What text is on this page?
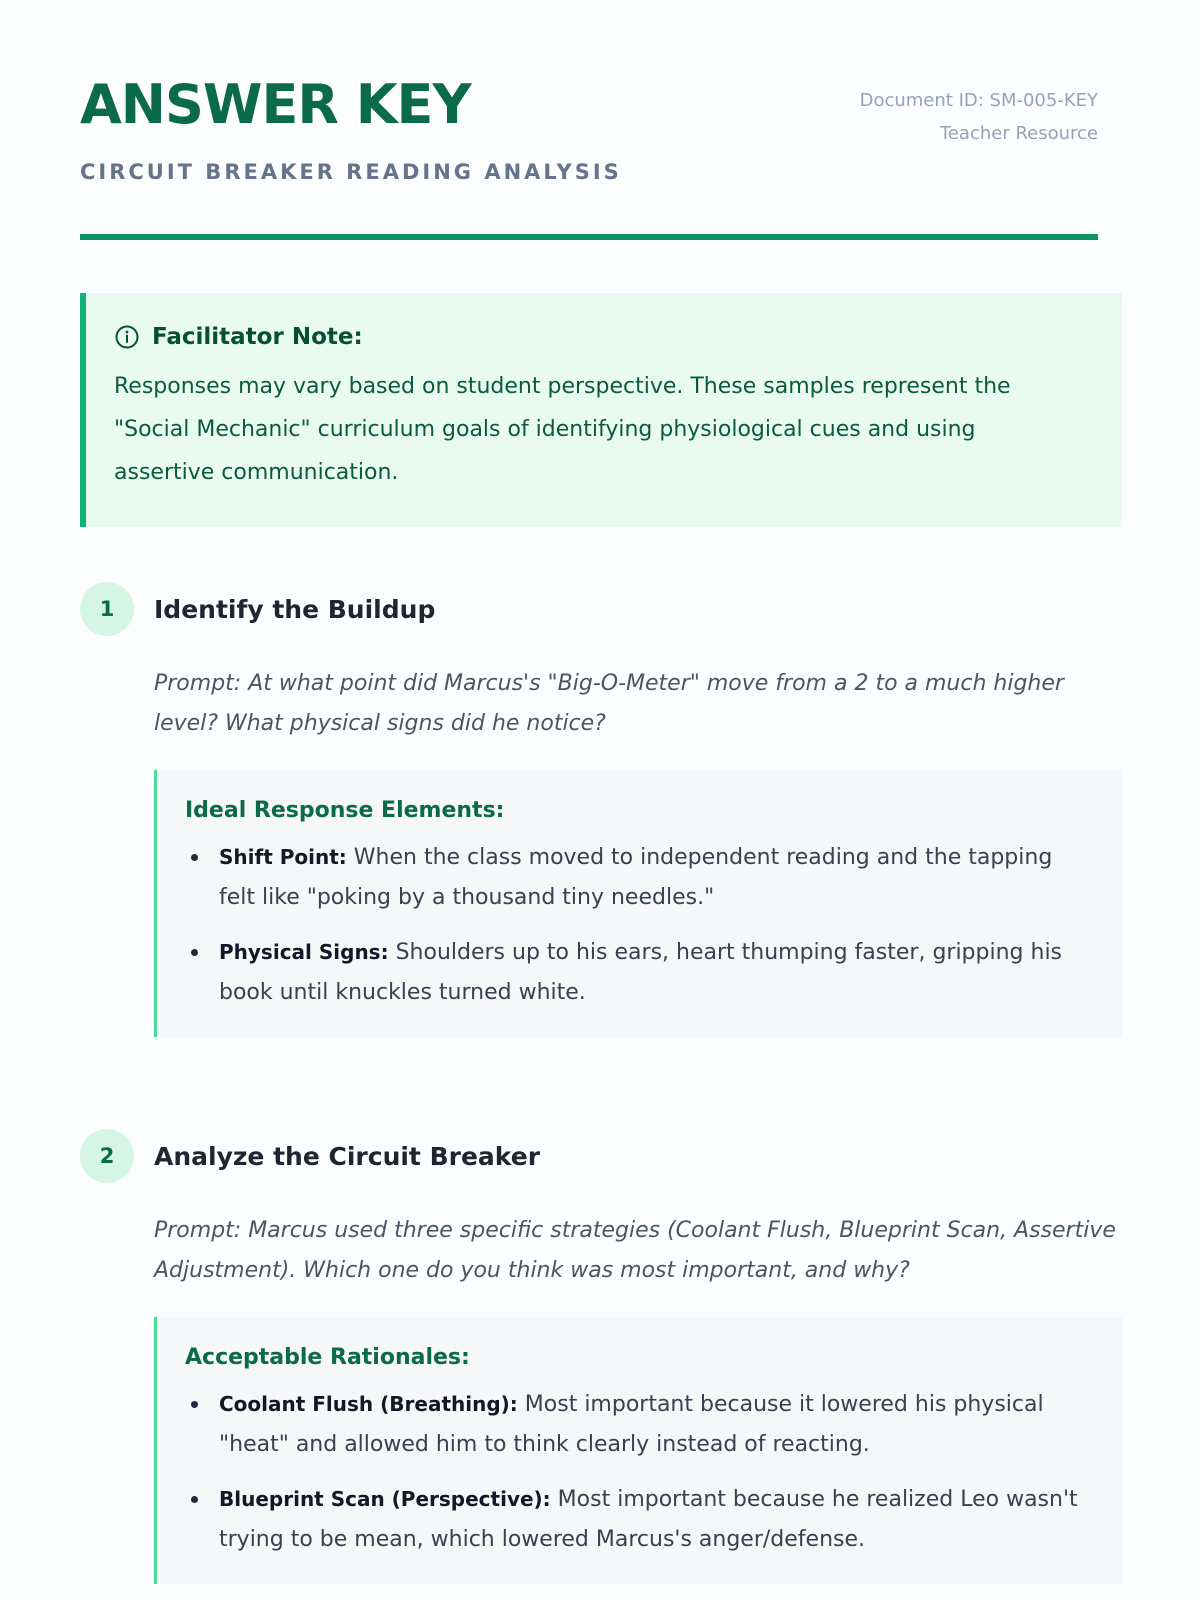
ANSWER KEY
CIRCUIT BREAKER READING ANALYSIS
Document ID: SM-005-KEY
Teacher Resource
Facilitator Note:
Responses may vary based on student perspective. These samples represent the "Social Mechanic" curriculum goals of identifying physiological cues and using assertive communication.
1	Identify the Buildup
Prompt: At what point did Marcus's "Big-O-Meter" move from a 2 to a much higher level? What physical signs did he notice?
Ideal Response Elements:
Shift Point: When the class moved to independent reading and the tapping felt like "poking by a thousand tiny needles."
Physical Signs: Shoulders up to his ears, heart thumping faster, gripping his book until knuckles turned white.
2	Analyze the Circuit Breaker
Prompt: Marcus used three specific strategies (Coolant Flush, Blueprint Scan, Assertive Adjustment). Which one do you think was most important, and why?
Acceptable Rationales:
Coolant Flush (Breathing): Most important because it lowered his physical "heat" and allowed him to think clearly instead of reacting.
Blueprint Scan (Perspective): Most important because he realized Leo wasn't trying to be mean, which lowered Marcus's anger/defense.
